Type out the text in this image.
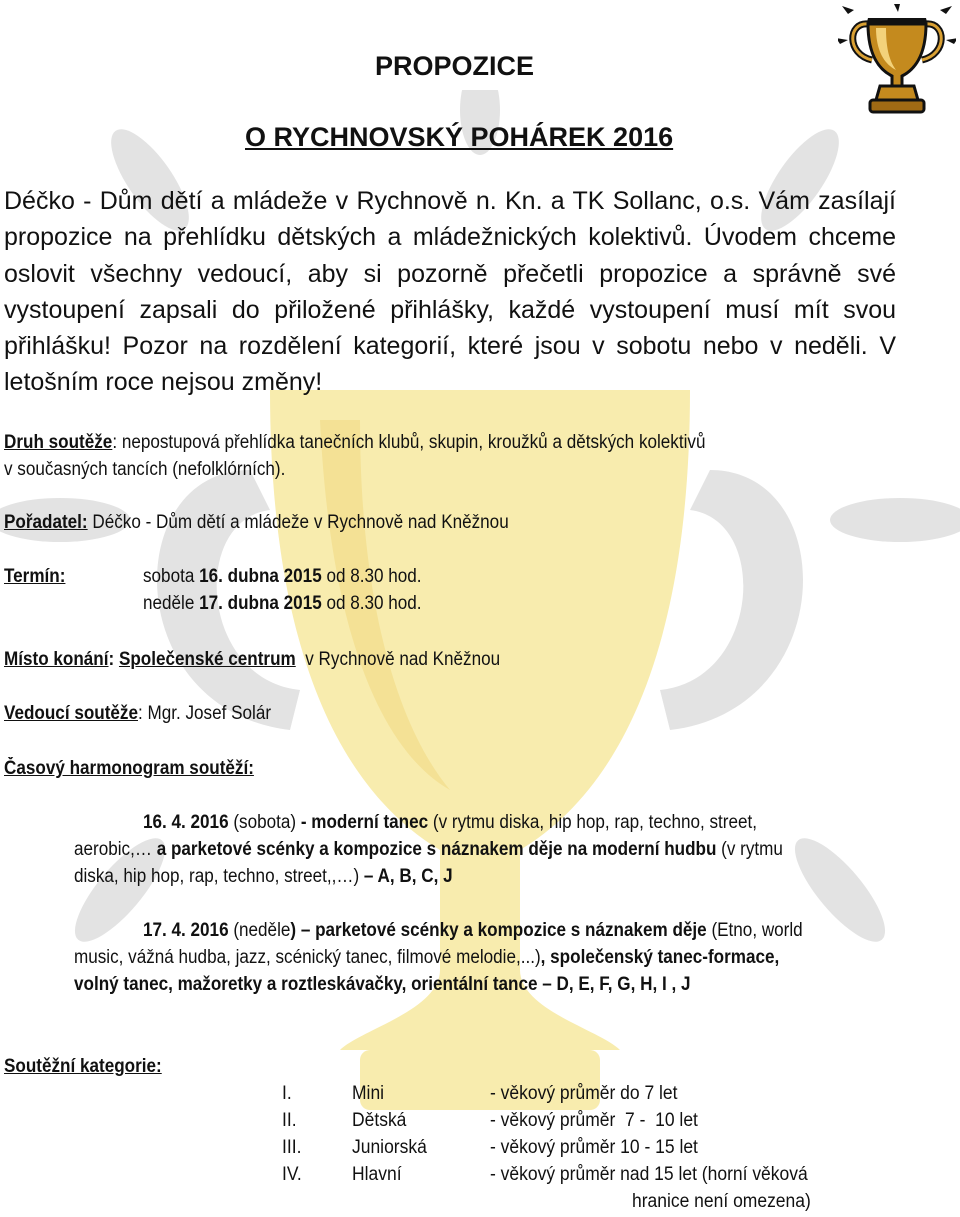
PROPOZICE
O RYCHNOVSKÝ POHÁREK 2016
Déčko - Dům dětí a mládeže v Rychnově n. Kn. a TK Sollanc, o.s. Vám zasílají propozice na přehlídku dětských a mládežnických kolektivů. Úvodem chceme oslovit všechny vedoucí, aby si pozorně přečetli propozice a správně své vystoupení zapsali do přiložené přihlášky, každé vystoupení musí mít svou přihlášku! Pozor na rozdělení kategorií, které jsou v sobotu nebo v neděli. V letošním roce nejsou změny!
Druh soutěže: nepostupová přehlídka tanečních klubů, skupin, kroužků a dětských kolektivů
v současných tancích (nefolklórních).
Pořadatel: Déčko - Dům dětí a mládeže v Rychnově nad Kněžnou
Termín:	sobota 16. dubna 2015 od 8.30 hod.
neděle 17. dubna 2015 od 8.30 hod.
Místo konání: Společenské centrum  v Rychnově nad Kněžnou
Vedoucí soutěže: Mgr. Josef Solár
Časový harmonogram soutěží:
16. 4. 2016 (sobota) - moderní tanec (v rytmu diska, hip hop, rap, techno, street,
aerobic,… a parketové scénky a kompozice s náznakem děje na moderní hudbu (v rytmu
diska, hip hop, rap, techno, street,,…) – A, B, C, J
17. 4. 2016 (neděle) – parketové scénky a kompozice s náznakem děje (Etno, world
music, vážná hudba, jazz, scénický tanec, filmové melodie,...), společenský tanec-formace,
volný tanec, mažoretky a roztleskávačky, orientální tance – D, E, F, G, H, I , J
Soutěžní kategorie:
I.	Mini	- věkový průměr do 7 let
II.	Dětská	- věkový průměr  7 -  10 let
III.	Juniorská	- věkový průměr 10 - 15 let
IV.	Hlavní	- věkový průměr nad 15 let (horní věková
hranice není omezena)
